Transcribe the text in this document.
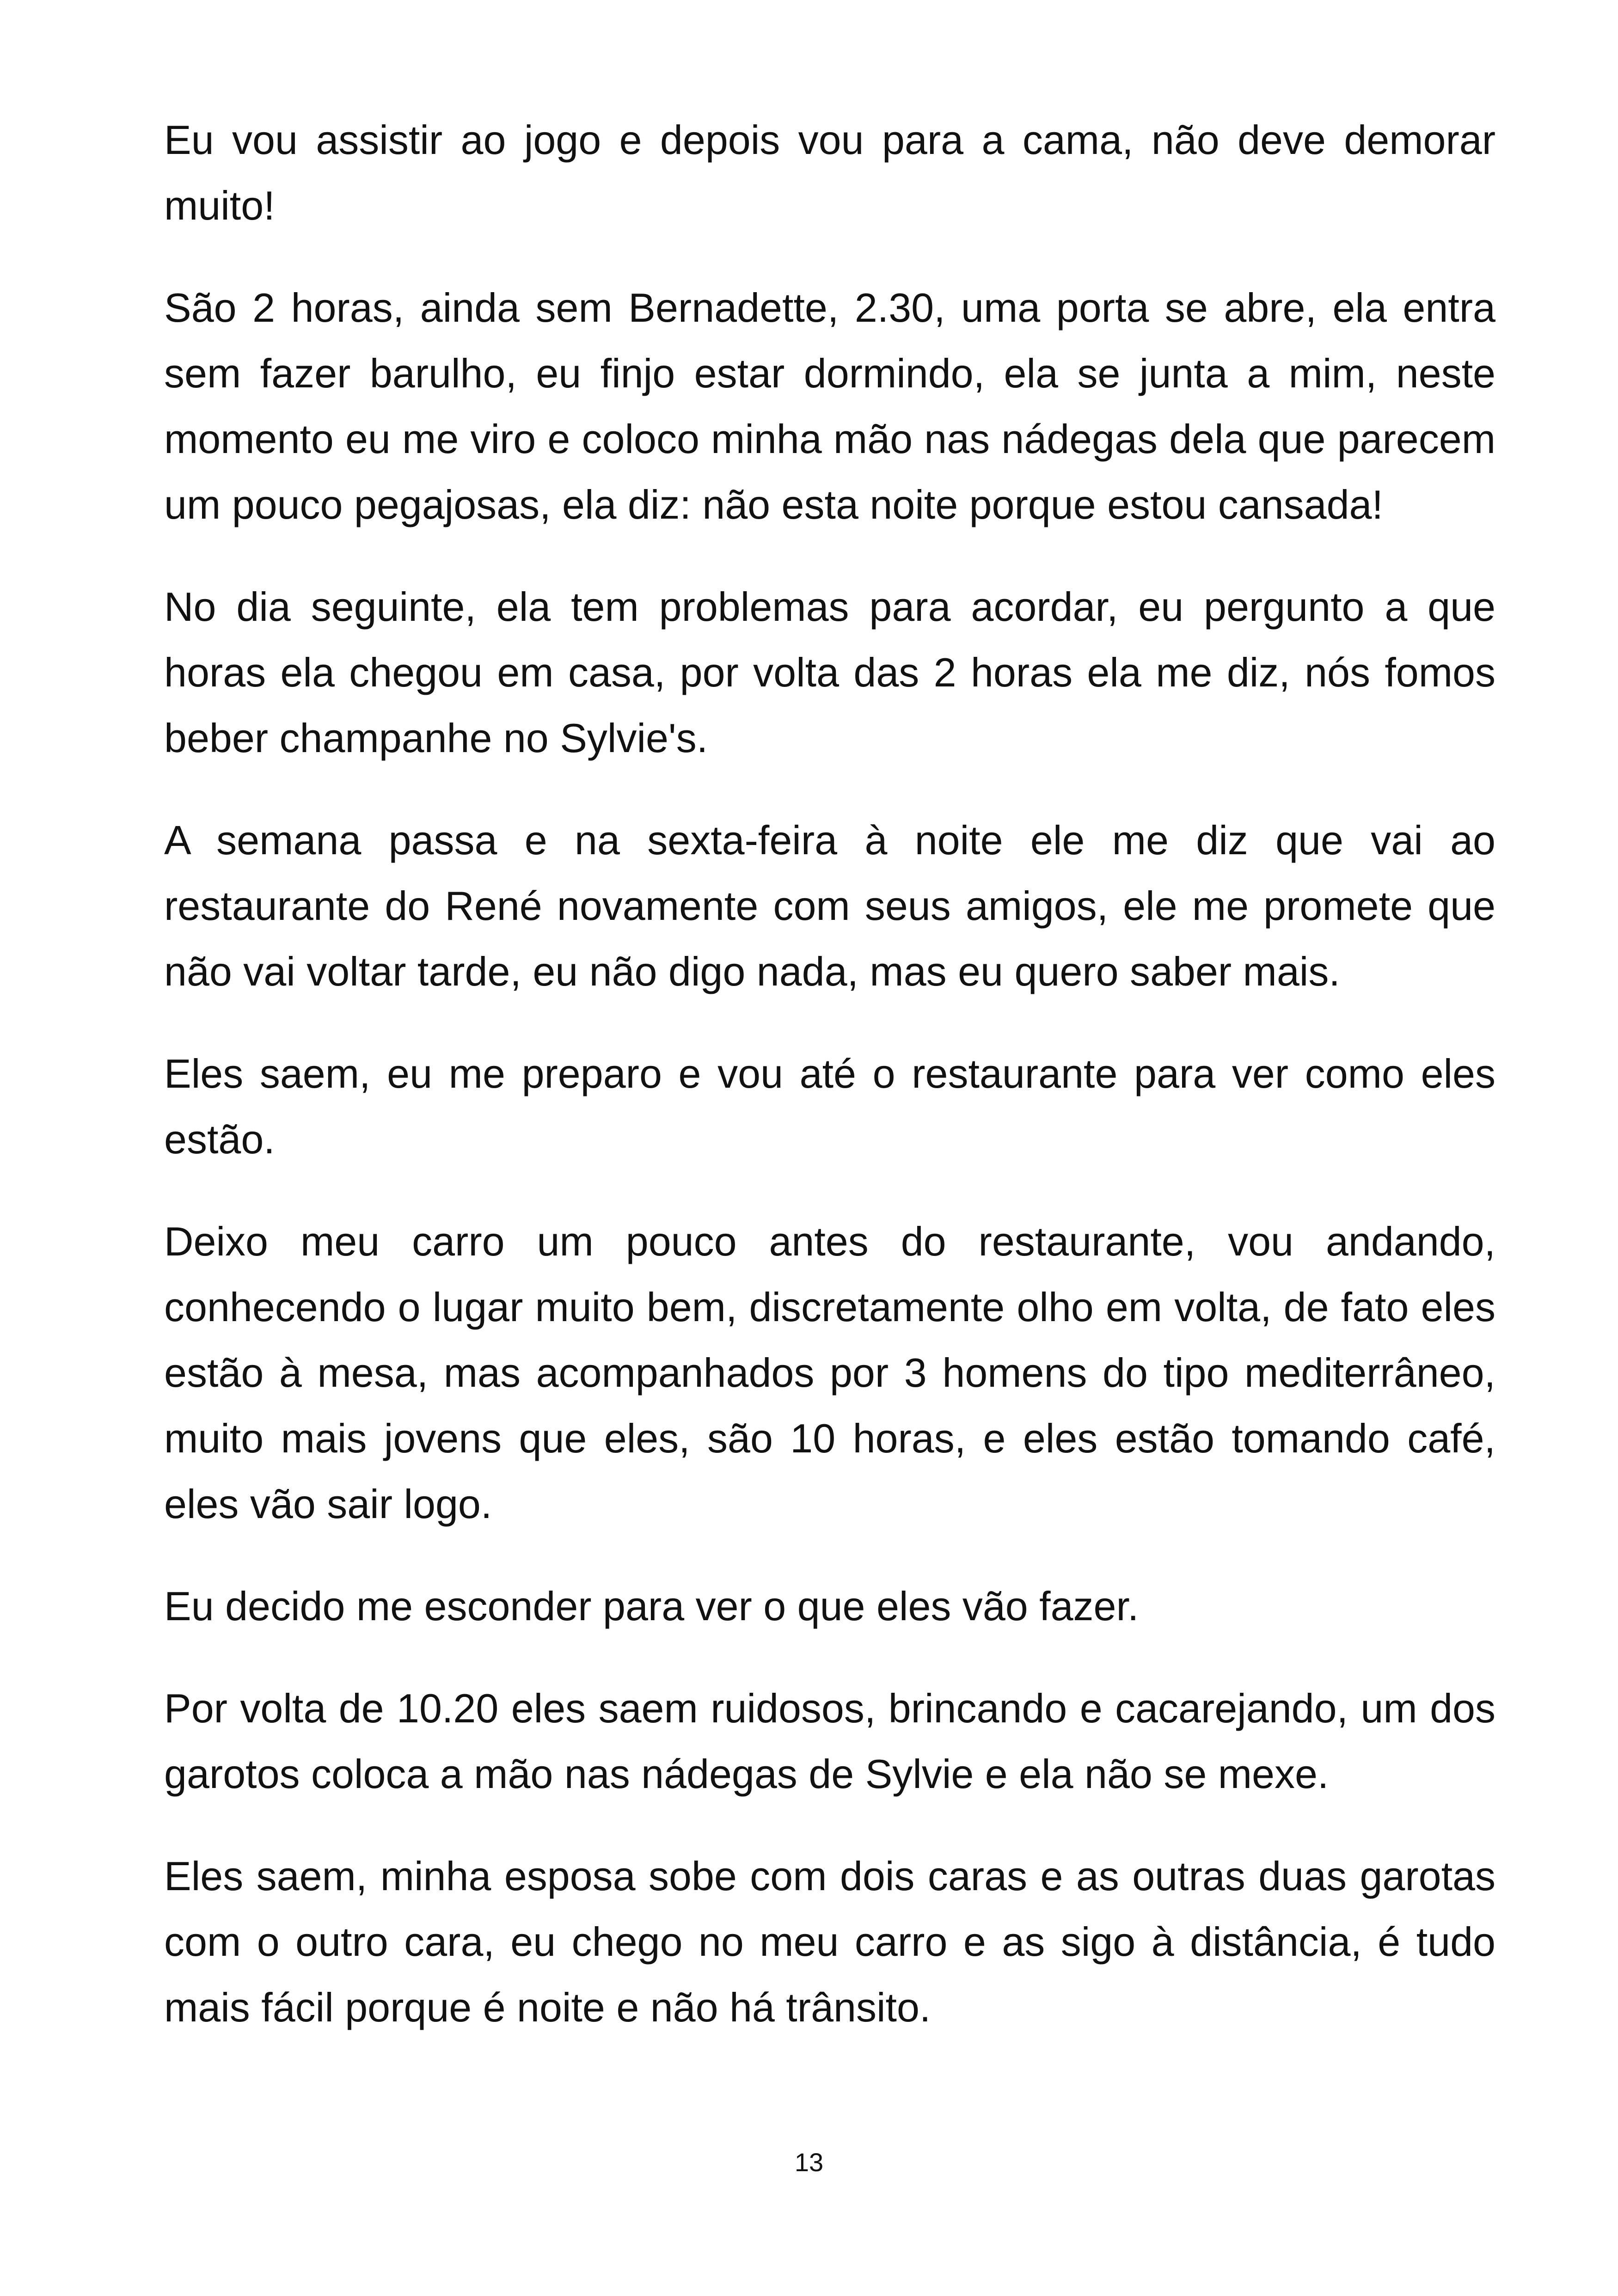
Eu vou assistir ao jogo e depois vou para a cama, não deve demorar muito!

São 2 horas, ainda sem Bernadette, 2.30, uma porta se abre, ela entra sem fazer barulho, eu finjo estar dormindo, ela se junta a mim, neste momento eu me viro e coloco minha mão nas nádegas dela que parecem um pouco pegajosas, ela diz: não esta noite porque estou cansada!

No dia seguinte, ela tem problemas para acordar, eu pergunto a que horas ela chegou em casa, por volta das 2 horas ela me diz, nós fomos beber champanhe no Sylvie's.

A semana passa e na sexta-feira à noite ele me diz que vai ao restaurante do René novamente com seus amigos, ele me promete que não vai voltar tarde, eu não digo nada, mas eu quero saber mais.

Eles saem, eu me preparo e vou até o restaurante para ver como eles estão.

Deixo meu carro um pouco antes do restaurante, vou andando, conhecendo o lugar muito bem, discretamente olho em volta, de fato eles estão à mesa, mas acompanhados por 3 homens do tipo mediterrâneo, muito mais jovens que eles, são 10 horas, e eles estão tomando café, eles vão sair logo.

Eu decido me esconder para ver o que eles vão fazer.

Por volta de 10.20 eles saem ruidosos, brincando e cacarejando, um dos garotos coloca a mão nas nádegas de Sylvie e ela não se mexe.

Eles saem, minha esposa sobe com dois caras e as outras duas garotas com o outro cara, eu chego no meu carro e as sigo à distância, é tudo mais fácil porque é noite e não há trânsito.

13
